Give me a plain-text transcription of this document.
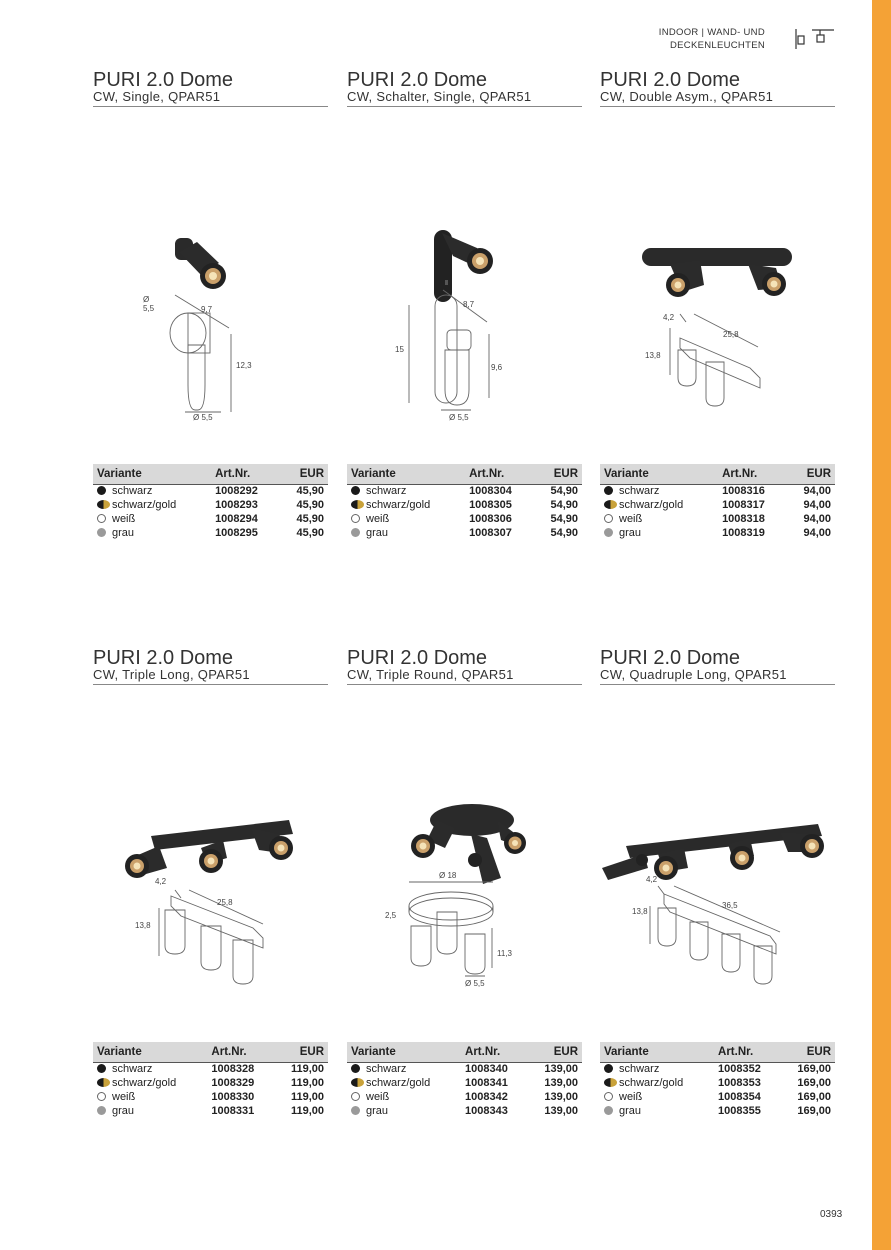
INDOOR | WAND- UND
DECKENLEUCHTEN
PURI 2.0 Dome
CW, Single, QPAR51
Ø
5,5	9,7
12,3
Ø 5,5
Variante	Art.Nr.	EUR
schwarz	1008292	45,90
schwarz/gold	1008293	45,90
weiß	1008294	45,90
grau	1008295	45,90
PURI 2.0 Dome
CW, Schalter, Single, QPAR51
15
8,7
9,6
Ø 5,5
Variante	Art.Nr.	EUR
schwarz	1008304	54,90
schwarz/gold	1008305	54,90
weiß	1008306	54,90
grau	1008307	54,90
PURI 2.0 Dome
CW, Double Asym., QPAR51
4,2
25,8
13,8
Variante	Art.Nr.	EUR
schwarz	1008316	94,00
schwarz/gold	1008317	94,00
weiß	1008318	94,00
grau	1008319	94,00
PURI 2.0 Dome
CW, Triple Long, QPAR51
4,2
25,8
13,8
Variante	Art.Nr.	EUR
schwarz	1008328	119,00
schwarz/gold	1008329	119,00
weiß	1008330	119,00
grau	1008331	119,00
PURI 2.0 Dome
CW, Triple Round, QPAR51
Ø 18
2,5
11,3
Ø 5,5
Variante	Art.Nr.	EUR
schwarz	1008340	139,00
schwarz/gold	1008341	139,00
weiß	1008342	139,00
grau	1008343	139,00
PURI 2.0 Dome
CW, Quadruple Long, QPAR51
4,2
36,5
13,8
Variante	Art.Nr.	EUR
schwarz	1008352	169,00
schwarz/gold	1008353	169,00
weiß	1008354	169,00
grau	1008355	169,00
0393
